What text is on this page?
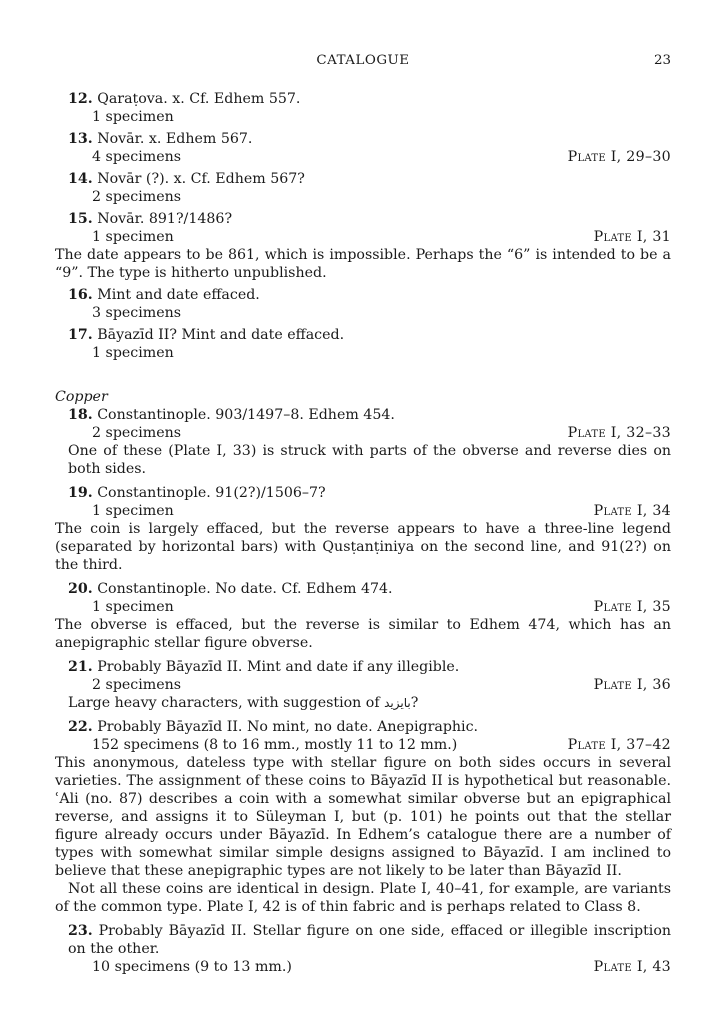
CATALOGUE	23
12. Qaraṭova. x. Cf. Edhem 557.
1 specimen
13. Novār. x. Edhem 567.
4 specimens	Plate I, 29–30
14. Novār (?). x. Cf. Edhem 567?
2 specimens
15. Novār. 891?/1486?
1 specimen	Plate I, 31

The date appears to be 861, which is impossible. Perhaps the “6” is intended to be a “9”. The type is hitherto unpublished.

16. Mint and date effaced.
3 specimens
17. Bāyazīd II? Mint and date effaced.
1 specimen
Copper
18. Constantinople. 903/1497–8. Edhem 454.
2 specimens	Plate I, 32–33

One of these (Plate I, 33) is struck with parts of the obverse and reverse dies on both sides.

19. Constantinople. 91(2?)/1506–7?
1 specimen	Plate I, 34

The coin is largely effaced, but the reverse appears to have a three-line legend (separated by horizontal bars) with Qusṭanṭiniya on the second line, and 91(2?) on the third.

20. Constantinople. No date. Cf. Edhem 474.
1 specimen	Plate I, 35

The obverse is effaced, but the reverse is similar to Edhem 474, which has an anepigraphic stellar figure obverse.

21. Probably Bāyazīd II. Mint and date if any illegible.
2 specimens	Plate I, 36

Large heavy characters, with suggestion of بايزيد?

22. Probably Bāyazīd II. No mint, no date. Anepigraphic.
152 specimens (8 to 16 mm., mostly 11 to 12 mm.)	Plate I, 37–42

This anonymous, dateless type with stellar figure on both sides occurs in several varieties. The assignment of these coins to Bāyazīd II is hypothetical but reasonable. ʿAli (no. 87) describes a coin with a somewhat similar obverse but an epigraphical reverse, and assigns it to Süleyman I, but (p. 101) he points out that the stellar figure already occurs under Bāyazīd. In Edhem’s catalogue there are a number of types with somewhat similar simple designs assigned to Bāyazīd. I am inclined to believe that these anepigraphic types are not likely to be later than Bāyazīd II.

Not all these coins are identical in design. Plate I, 40–41, for example, are variants of the common type. Plate I, 42 is of thin fabric and is perhaps related to Class 8.

23. Probably Bāyazīd II. Stellar figure on one side, effaced or illegible inscription on the other.

10 specimens (9 to 13 mm.)	Plate I, 43
